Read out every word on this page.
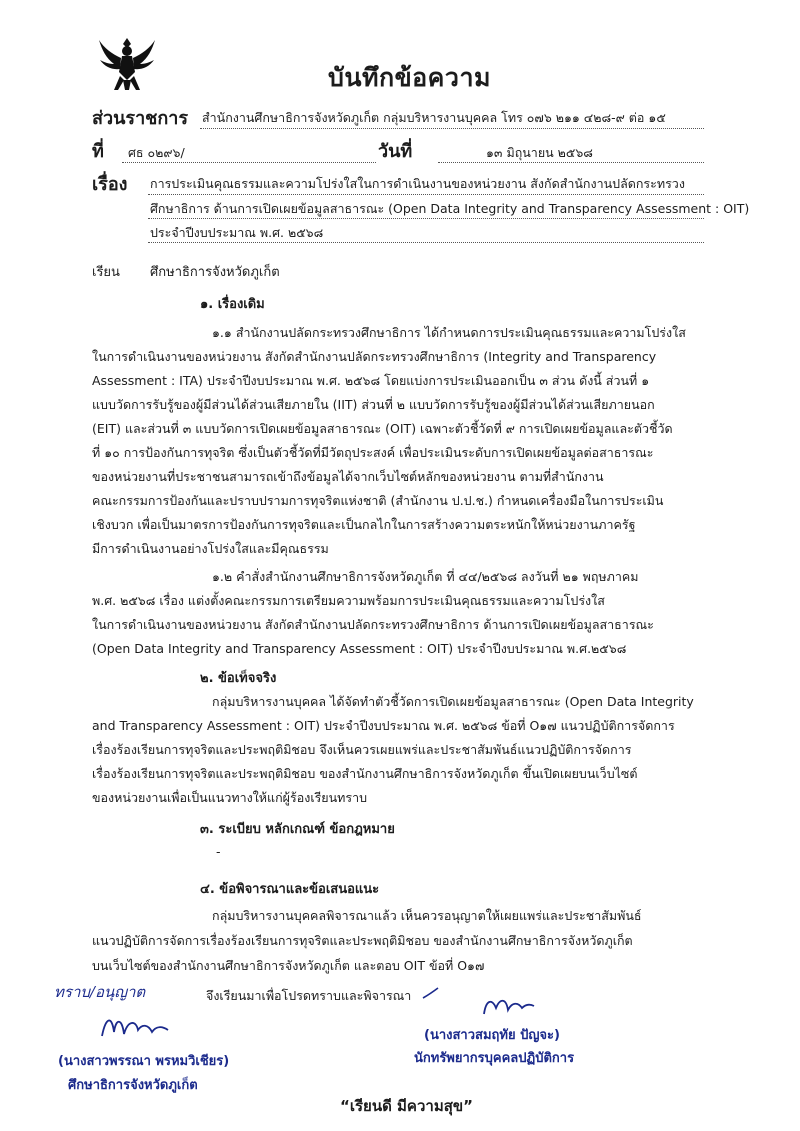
บันทึกข้อความ
ส่วนราชการ สำนักงานศึกษาธิการจังหวัดภูเก็ต กลุ่มบริหารงานบุคคล โทร ๐๗๖ ๒๑๑ ๔๒๘-๙ ต่อ ๑๕
ที่ ศธ ๐๒๙๖/	วันที่	๑๓ มิถุนายน ๒๕๖๘
เรื่อง การประเมินคุณธรรมและความโปร่งใสในการดำเนินงานของหน่วยงาน สังกัดสำนักงานปลัดกระทรวง
ศึกษาธิการ ด้านการเปิดเผยข้อมูลสาธารณะ (Open Data Integrity and Transparency Assessment : OIT)
ประจำปีงบประมาณ พ.ศ. ๒๕๖๘
เรียน ศึกษาธิการจังหวัดภูเก็ต
๑. เรื่องเดิม
๑.๑ สำนักงานปลัดกระทรวงศึกษาธิการ ได้กำหนดการประเมินคุณธรรมและความโปร่งใส
ในการดำเนินงานของหน่วยงาน สังกัดสำนักงานปลัดกระทรวงศึกษาธิการ (Integrity and Transparency
Assessment : ITA) ประจำปีงบประมาณ พ.ศ. ๒๕๖๘ โดยแบ่งการประเมินออกเป็น ๓ ส่วน ดังนี้ ส่วนที่ ๑
แบบวัดการรับรู้ของผู้มีส่วนได้ส่วนเสียภายใน (IIT) ส่วนที่ ๒ แบบวัดการรับรู้ของผู้มีส่วนได้ส่วนเสียภายนอก
(EIT) และส่วนที่ ๓ แบบวัดการเปิดเผยข้อมูลสาธารณะ (OIT) เฉพาะตัวชี้วัดที่ ๙ การเปิดเผยข้อมูลและตัวชี้วัด
ที่ ๑๐ การป้องกันการทุจริต ซึ่งเป็นตัวชี้วัดที่มีวัตถุประสงค์ เพื่อประเมินระดับการเปิดเผยข้อมูลต่อสาธารณะ
ของหน่วยงานที่ประชาชนสามารถเข้าถึงข้อมูลได้จากเว็บไซต์หลักของหน่วยงาน ตามที่สำนักงาน
คณะกรรมการป้องกันและปราบปรามการทุจริตแห่งชาติ (สำนักงาน ป.ป.ช.) กำหนดเครื่องมือในการประเมิน
เชิงบวก เพื่อเป็นมาตรการป้องกันการทุจริตและเป็นกลไกในการสร้างความตระหนักให้หน่วยงานภาครัฐ
มีการดำเนินงานอย่างโปร่งใสและมีคุณธรรม
๑.๒ คำสั่งสำนักงานศึกษาธิการจังหวัดภูเก็ต ที่ ๔๔/๒๕๖๘ ลงวันที่ ๒๑ พฤษภาคม
พ.ศ. ๒๕๖๘ เรื่อง แต่งตั้งคณะกรรมการเตรียมความพร้อมการประเมินคุณธรรมและความโปร่งใส
ในการดำเนินงานของหน่วยงาน สังกัดสำนักงานปลัดกระทรวงศึกษาธิการ ด้านการเปิดเผยข้อมูลสาธารณะ
(Open Data Integrity and Transparency Assessment : OIT) ประจำปีงบประมาณ พ.ศ.๒๕๖๘
๒. ข้อเท็จจริง
กลุ่มบริหารงานบุคคล ได้จัดทำตัวชี้วัดการเปิดเผยข้อมูลสาธารณะ (Open Data Integrity
and Transparency Assessment : OIT) ประจำปีงบประมาณ พ.ศ. ๒๕๖๘ ข้อที่ O๑๗ แนวปฏิบัติการจัดการ
เรื่องร้องเรียนการทุจริตและประพฤติมิชอบ จึงเห็นควรเผยแพร่และประชาสัมพันธ์แนวปฏิบัติการจัดการ
เรื่องร้องเรียนการทุจริตและประพฤติมิชอบ ของสำนักงานศึกษาธิการจังหวัดภูเก็ต ขึ้นเปิดเผยบนเว็บไซต์
ของหน่วยงานเพื่อเป็นแนวทางให้แก่ผู้ร้องเรียนทราบ
๓. ระเบียบ หลักเกณฑ์ ข้อกฎหมาย
-
๔. ข้อพิจารณาและข้อเสนอแนะ
กลุ่มบริหารงานบุคคลพิจารณาแล้ว เห็นควรอนุญาตให้เผยแพร่และประชาสัมพันธ์
แนวปฏิบัติการจัดการเรื่องร้องเรียนการทุจริตและประพฤติมิชอบ ของสำนักงานศึกษาธิการจังหวัดภูเก็ต
บนเว็บไซต์ของสำนักงานศึกษาธิการจังหวัดภูเก็ต และตอบ OIT ข้อที่ O๑๗
จึงเรียนมาเพื่อโปรดทราบและพิจารณา
ทราบ/อนุญาต
(นางสาวพรรณา พรหมวิเชียร)
ศึกษาธิการจังหวัดภูเก็ต
(นางสาวสมฤทัย ปัญจะ)
นักทรัพยากรบุคคลปฏิบัติการ
“เรียนดี มีความสุข”
